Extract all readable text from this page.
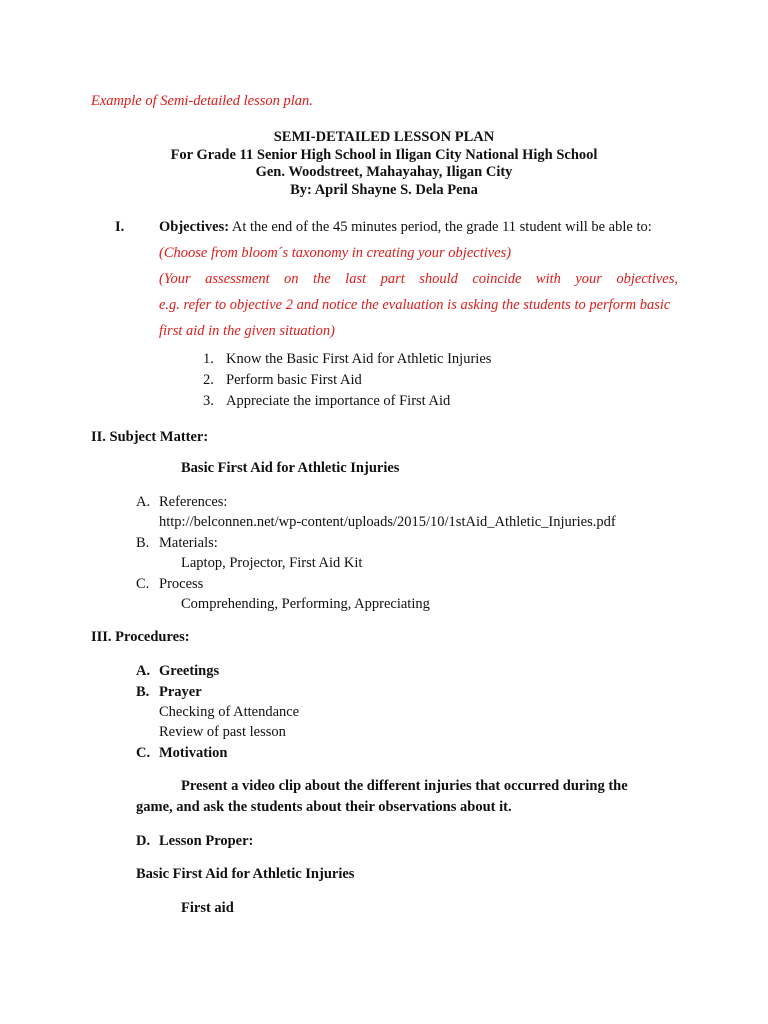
Example of Semi-detailed lesson plan.
SEMI-DETAILED LESSON PLAN
For Grade 11 Senior High School in Iligan City National High School
Gen. Woodstreet, Mahayahay, Iligan City
By: April Shayne S. Dela Pena
I. Objectives: At the end of the 45 minutes period, the grade 11 student will be able to:
(Choose from bloom´s taxonomy in creating your objectives)
(Your assessment on the last part should coincide with your objectives,
e.g. refer to objective 2 and notice the evaluation is asking the students to perform basic
first aid in the given situation)
1. Know the Basic First Aid for Athletic Injuries
2. Perform basic First Aid
3. Appreciate the importance of First Aid
II. Subject Matter:
Basic First Aid for Athletic Injuries
A. References:
http://belconnen.net/wp-content/uploads/2015/10/1stAid_Athletic_Injuries.pdf
B. Materials:
Laptop, Projector, First Aid Kit
C. Process
Comprehending, Performing, Appreciating
III. Procedures:
A. Greetings
B. Prayer
Checking of Attendance
Review of past lesson
C. Motivation
Present a video clip about the different injuries that occurred during the
game, and ask the students about their observations about it.
D. Lesson Proper:
Basic First Aid for Athletic Injuries
First aid
